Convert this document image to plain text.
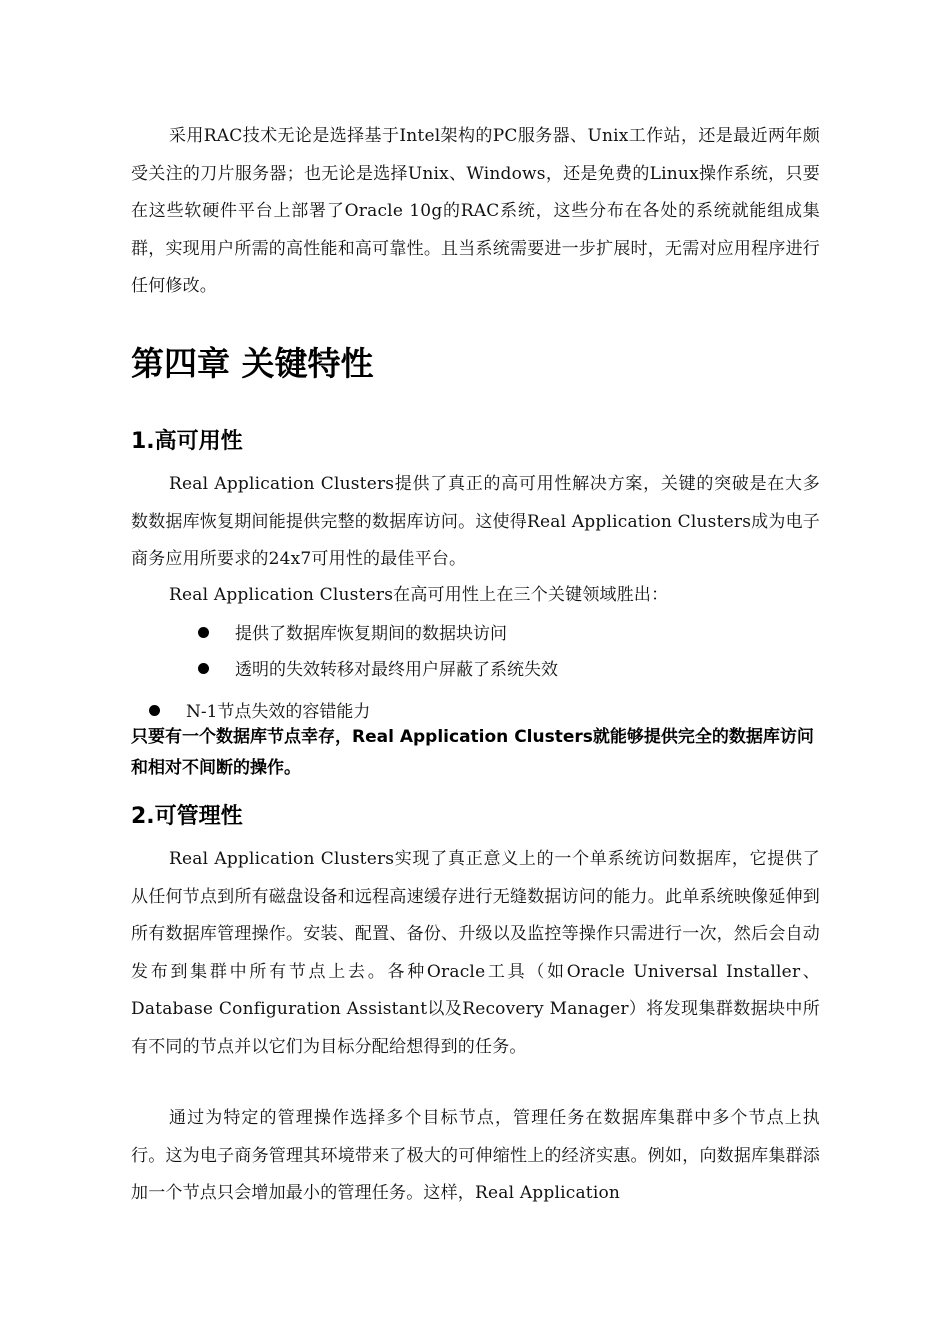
采用RAC技术无论是选择基于Intel架构的PC服务器、Unix工作站，还是最近两年颇受关注的刀片服务器；也无论是选择Unix、Windows，还是免费的Linux操作系统，只要在这些软硬件平台上部署了Oracle 10g的RAC系统，这些分布在各处的系统就能组成集群，实现用户所需的高性能和高可靠性。且当系统需要进一步扩展时，无需对应用程序进行任何修改。

第四章 关键特性
1.高可用性

Real Application Clusters提供了真正的高可用性解决方案，关键的突破是在大多数数据库恢复期间能提供完整的数据库访问。这使得Real Application Clusters成为电子商务应用所要求的24x7可用性的最佳平台。

Real Application Clusters在高可用性上在三个关键领域胜出：

提供了数据库恢复期间的数据块访问
透明的失效转移对最终用户屏蔽了系统失效
N-1节点失效的容错能力

只要有一个数据库节点幸存，Real Application Clusters就能够提供完全的数据库访问和相对不间断的操作。

2.可管理性

Real Application Clusters实现了真正意义上的一个单系统访问数据库，它提供了从任何节点到所有磁盘设备和远程高速缓存进行无缝数据访问的能力。此单系统映像延伸到所有数据库管理操作。安装、配置、备份、升级以及监控等操作只需进行一次，然后会自动发布到集群中所有节点上去。各种Oracle工具（如Oracle Universal Installer、Database Configuration Assistant以及Recovery Manager）将发现集群数据块中所有不同的节点并以它们为目标分配给想得到的任务。

通过为特定的管理操作选择多个目标节点，管理任务在数据库集群中多个节点上执行。这为电子商务管理其环境带来了极大的可伸缩性上的经济实惠。例如，向数据库集群添加一个节点只会增加最小的管理任务。这样，Real Application
